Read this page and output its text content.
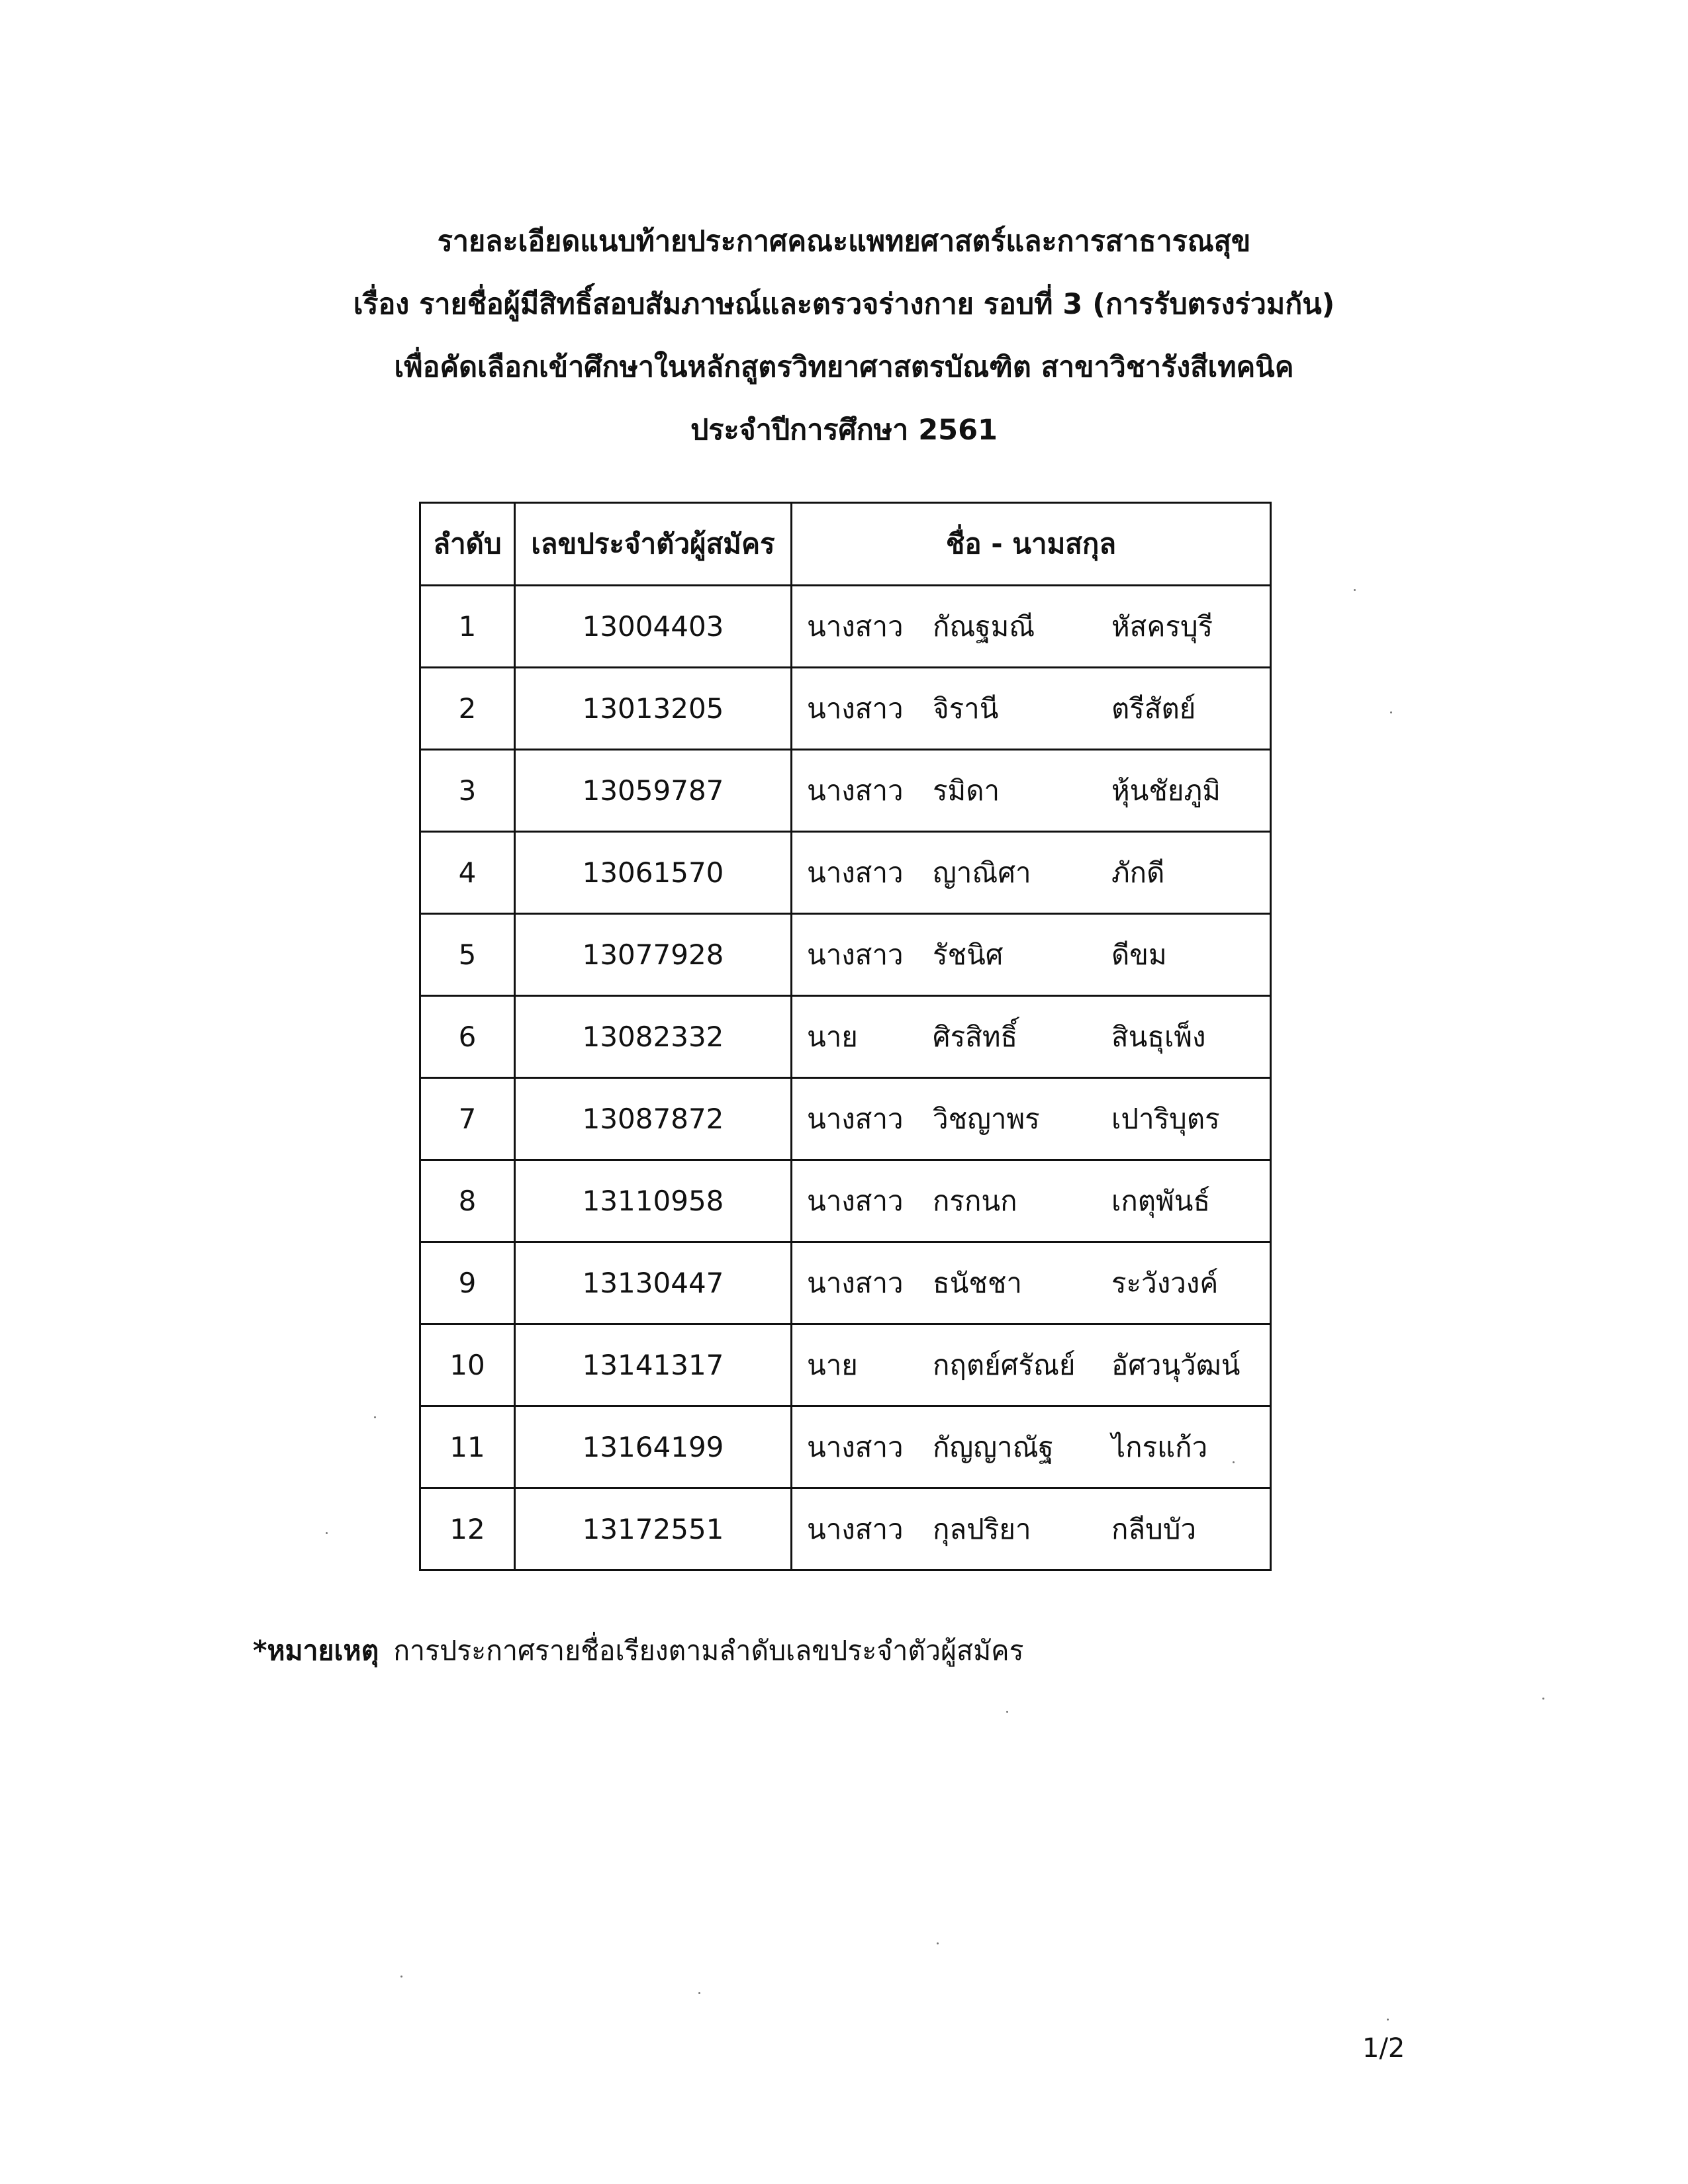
รายละเอียดแนบท้ายประกาศคณะแพทยศาสตร์และการสาธารณสุข
เรื่อง รายชื่อผู้มีสิทธิ์สอบสัมภาษณ์และตรวจร่างกาย รอบที่ 3 (การรับตรงร่วมกัน)
เพื่อคัดเลือกเข้าศึกษาในหลักสูตรวิทยาศาสตรบัณฑิต สาขาวิชารังสีเทคนิค
ประจำปีการศึกษา 2561
ลำดับ	เลขประจำตัวผู้สมัคร	ชื่อ - นามสกุล
1	13004403	นางสาว กัณฐมณี หัสครบุรี
2	13013205	นางสาว จิรานี ตรีสัตย์
3	13059787	นางสาว รมิดา หุ้นชัยภูมิ
4	13061570	นางสาว ญาณิศา ภักดี
5	13077928	นางสาว รัชนิศ ดีขม
6	13082332	นาย ศิรสิทธิ์ สินธุเพ็ง
7	13087872	นางสาว วิชญาพร เปาริบุตร
8	13110958	นางสาว กรกนก เกตุพันธ์
9	13130447	นางสาว ธนัชชา ระวังวงค์
10	13141317	นาย กฤตย์ศรัณย์ อัศวนุวัฒน์
11	13164199	นางสาว กัญญาณัฐ ไกรแก้ว
12	13172551	นางสาว กุลปริยา กลีบบัว
*หมายเหตุ การประกาศรายชื่อเรียงตามลำดับเลขประจำตัวผู้สมัคร
1/2
